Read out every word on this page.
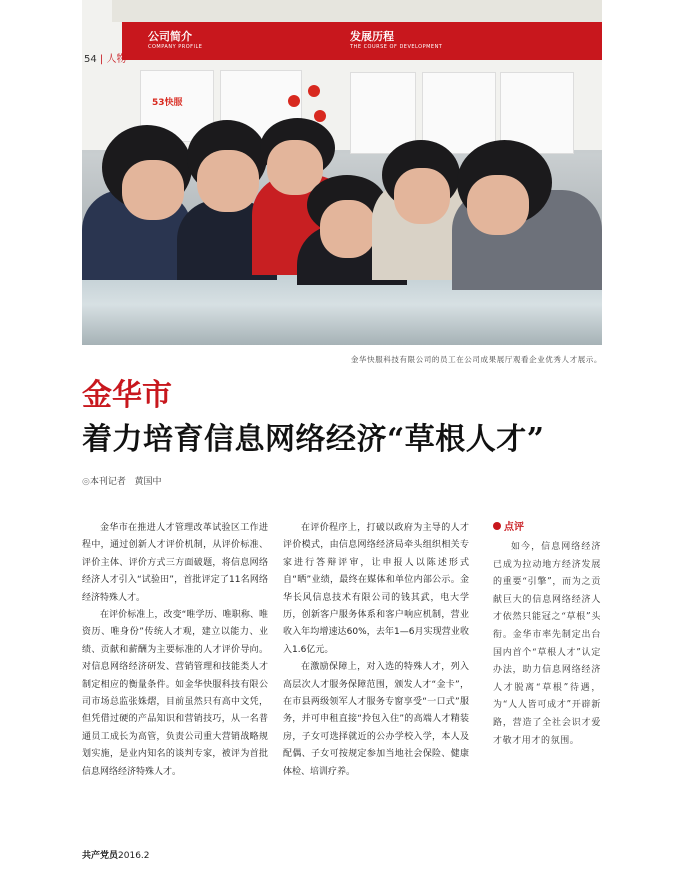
公司简介
COMPANY PROFILE
发展历程
THE COURSE OF DEVELOPMENT
53快服
54 | 人物
金华快服科技有限公司的员工在公司成果展厅观看企业优秀人才展示。
金华市
着力培育信息网络经济“草根人才”
◎本刊记者 黄国中

金华市在推进人才管理改革试验区工作进程中，通过创新人才评价机制，从评价标准、评价主体、评价方式三方面破题，将信息网络经济人才引入“试验田”，首批评定了11名网络经济特殊人才。

在评价标准上，改变“唯学历、唯职称、唯资历、唯身份”传统人才观，建立以能力、业绩、贡献和薪酬为主要标准的人才评价导向。对信息网络经济研发、营销管理和技能类人才制定相应的衡量条件。如金华快服科技有限公司市场总监张姝熠，目前虽然只有高中文凭，但凭借过硬的产品知识和营销技巧，从一名普通员工成长为高管，负责公司重大营销战略规划实施，是业内知名的谈判专家，被评为首批信息网络经济特殊人才。

在评价程序上，打破以政府为主导的人才评价模式，由信息网络经济局牵头组织相关专家进行答辩评审，让申报人以陈述形式自“晒”业绩，最终在媒体和单位内部公示。金华长风信息技术有限公司的钱其武，电大学历，创新客户服务体系和客户响应机制，营业收入年均增速达60%，去年1—6月实现营业收入1.6亿元。

在激励保障上，对入选的特殊人才，列入高层次人才服务保障范围，颁发人才“金卡”，在市县两级领军人才服务专窗享受“一口式”服务，并可申租直接“拎包入住”的高端人才精装房，子女可选择就近的公办学校入学，本人及配偶、子女可按规定参加当地社会保险、健康体检、培训疗养。

点评

如今，信息网络经济已成为拉动地方经济发展的重要“引擎”，而为之贡献巨大的信息网络经济人才依然只能冠之“草根”头衔。金华市率先制定出台国内首个“草根人才”认定办法，助力信息网络经济人才脱离“草根”待遇，为“人人皆可成才”开辟新路，营造了全社会识才爱才敬才用才的氛围。

共产党员2016.2
